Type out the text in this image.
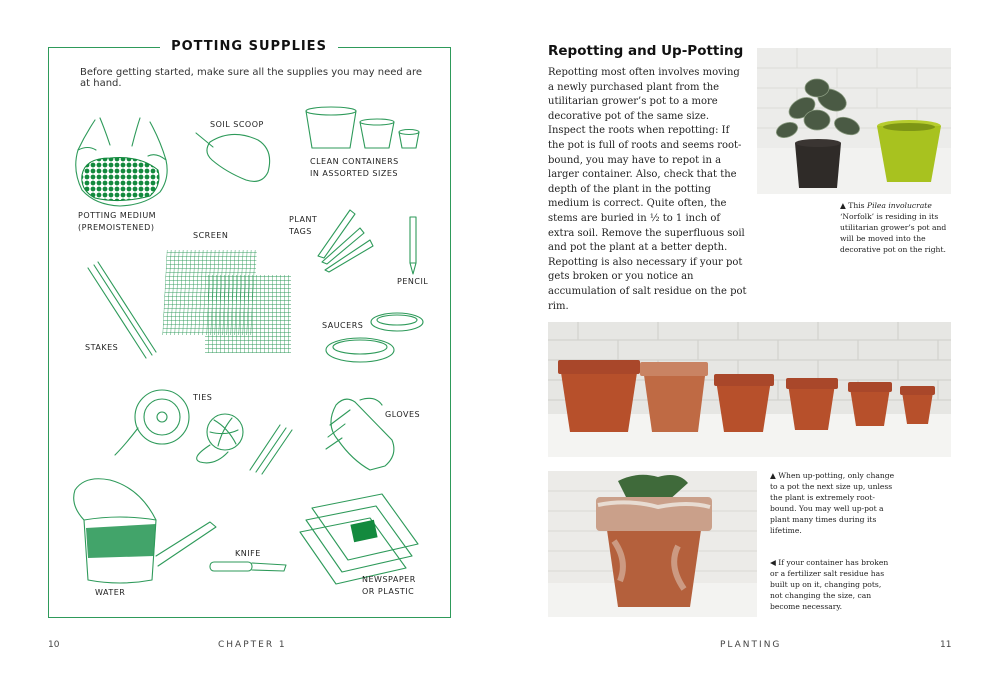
POTTING SUPPLIES
Before getting started, make sure all the supplies you may need are at hand.
SOIL SCOOP
CLEAN CONTAINERS
IN ASSORTED SIZES
POTTING MEDIUM
(PREMOISTENED)
SCREEN
PLANT
TAGS
PENCIL
SAUCERS
STAKES
TIES
GLOVES
KNIFE
NEWSPAPER
OR PLASTIC
WATER
Repotting and Up-Potting
Repotting most often involves moving a newly purchased plant from the utilitarian grower’s pot to a more decorative pot of the same size. Inspect the roots when repotting: If the pot is full of roots and seems root-bound, you may have to repot in a larger container. Also, check that the depth of the plant in the potting medium is correct. Quite often, the stems are buried in ½ to 1 inch of extra soil. Remove the superfluous soil and pot the plant at a better depth. Repotting is also necessary if your pot gets broken or you notice an accumulation of salt residue on the pot rim.
▲ This Pilea involucrate ‘Norfolk’ is residing in its utilitarian grower’s pot and will be moved into the decorative pot on the right.
▲ When up-potting, only change to a pot the next size up, unless the plant is extremely root-bound. You may well up-pot a plant many times during its lifetime.
◀ If your container has broken or a fertilizer salt residue has built up on it, changing pots, not changing the size, can become necessary.
10	CHAPTER 1	PLANTING	11
